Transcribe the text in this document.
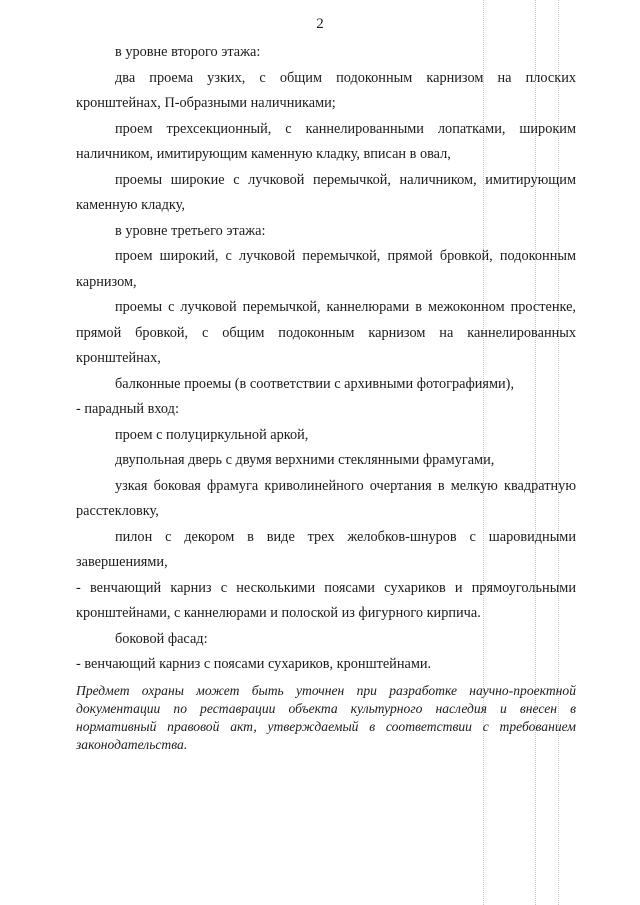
2

в уровне второго этажа:

два проема узких, с общим подоконным карнизом на плоских кронштейнах, П-образными наличниками;

проем трехсекционный, с каннелированными лопатками, широким наличником, имитирующим каменную кладку, вписан в овал,

проемы широкие с лучковой перемычкой, наличником, имитирующим каменную кладку,

в уровне третьего этажа:

проем широкий, с лучковой перемычкой, прямой бровкой, подоконным карнизом,

проемы с лучковой перемычкой, каннелюрами в межоконном простенке, прямой бровкой, с общим подоконным карнизом на каннелированных кронштейнах,

балконные проемы (в соответствии с архивными фотографиями),

- парадный вход:

проем с полуциркульной аркой,

двупольная дверь с двумя верхними стеклянными фрамугами,

узкая боковая фрамуга криволинейного очертания в мелкую квадратную расстекловку,

пилон с декором в виде трех желобков-шнуров с шаровидными завершениями,

- венчающий карниз с несколькими поясами сухариков и прямоугольными кронштейнами, с каннелюрами и полоской из фигурного кирпича.

боковой фасад:

- венчающий карниз с поясами сухариков, кронштейнами.

Предмет охраны может быть уточнен при разработке научно-проектной документации по реставрации объекта культурного наследия и внесен в нормативный правовой акт, утверждаемый в соответствии с требованием законодательства.
